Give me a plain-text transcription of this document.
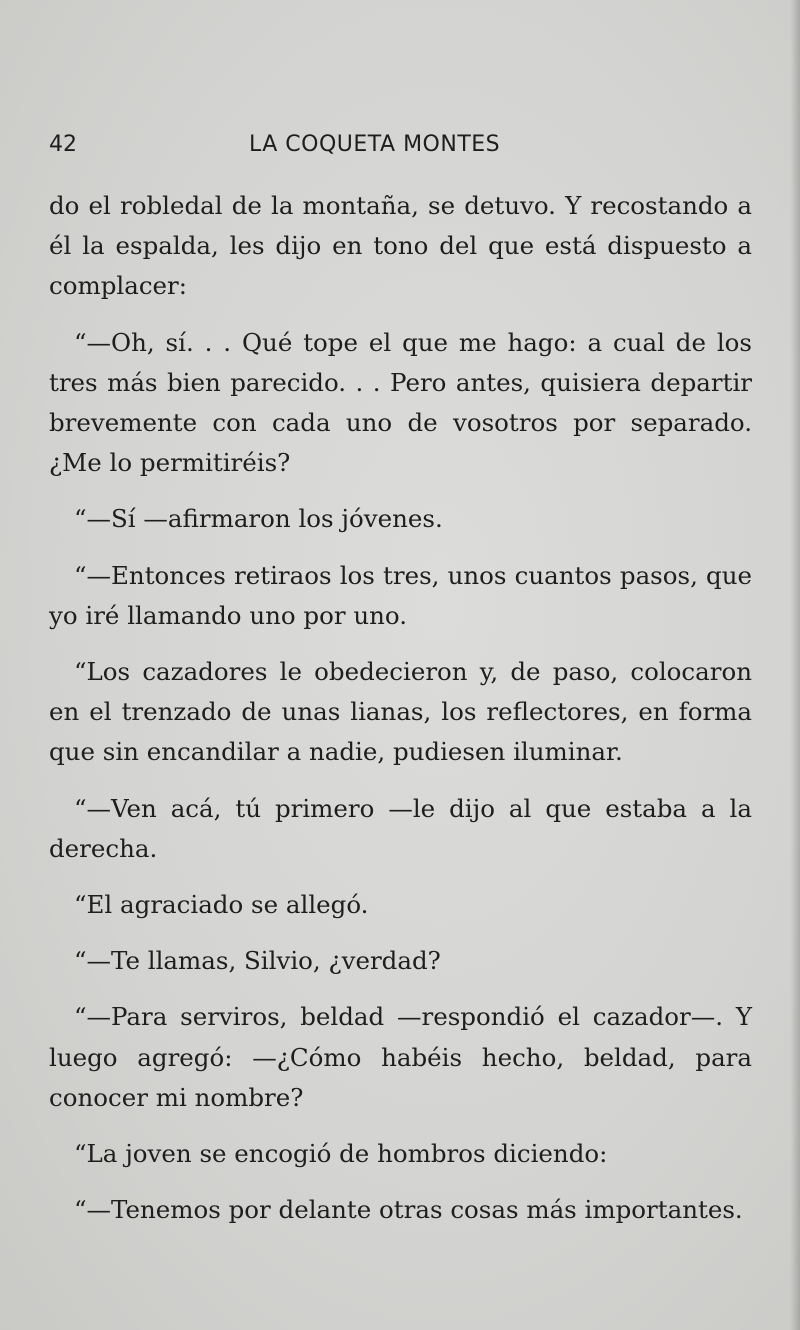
42	LA COQUETA MONTES

do el robledal de la montaña, se detuvo. Y recostando a él la espalda, les dijo en tono del que está dispuesto a complacer:

“—Oh, sí. . . Qué tope el que me hago: a cual de los tres más bien parecido. . . Pero antes, quisiera departir brevemente con cada uno de vosotros por separado. ¿Me lo permitiréis?

“—Sí —afirmaron los jóvenes.

“—Entonces retiraos los tres, unos cuantos pasos, que yo iré llamando uno por uno.

“Los cazadores le obedecieron y, de paso, colocaron en el trenzado de unas lianas, los reflectores, en forma que sin encandilar a nadie, pudiesen iluminar.

“—Ven acá, tú primero —le dijo al que estaba a la derecha.

“El agraciado se allegó.

“—Te llamas, Silvio, ¿verdad?

“—Para serviros, beldad —respondió el cazador—. Y luego agregó: —¿Cómo habéis hecho, beldad, para conocer mi nombre?

“La joven se encogió de hombros diciendo:

“—Tenemos por delante otras cosas más importantes.
